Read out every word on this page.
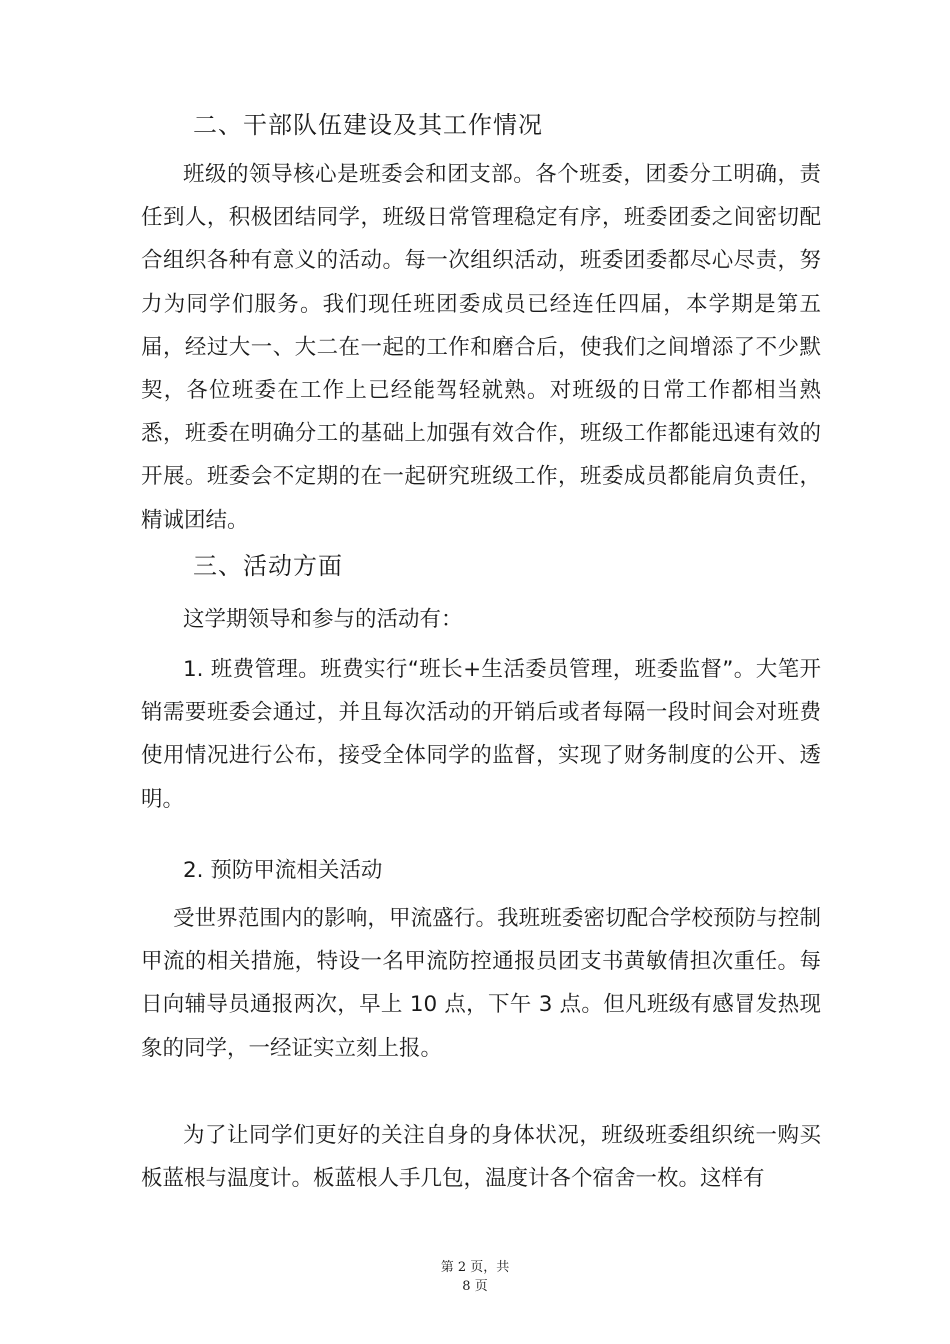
二、干部队伍建设及其工作情况

班级的领导核心是班委会和团支部。各个班委，团委分工明确，责任到人，积极团结同学，班级日常管理稳定有序，班委团委之间密切配合组织各种有意义的活动。每一次组织活动，班委团委都尽心尽责，努力为同学们服务。我们现任班团委成员已经连任四届，本学期是第五届，经过大一、大二在一起的工作和磨合后，使我们之间增添了不少默契，各位班委在工作上已经能驾轻就熟。对班级的日常工作都相当熟悉，班委在明确分工的基础上加强有效合作，班级工作都能迅速有效的开展。班委会不定期的在一起研究班级工作，班委成员都能肩负责任，精诚团结。

三、活动方面

这学期领导和参与的活动有：

1. 班费管理。班费实行“班长+生活委员管理，班委监督”。大笔开销需要班委会通过，并且每次活动的开销后或者每隔一段时间会对班费使用情况进行公布，接受全体同学的监督，实现了财务制度的公开、透明。

2. 预防甲流相关活动

受世界范围内的影响，甲流盛行。我班班委密切配合学校预防与控制甲流的相关措施，特设一名甲流防控通报员团支书黄敏倩担次重任。每日向辅导员通报两次，早上 10 点，下午 3 点。但凡班级有感冒发热现象的同学，一经证实立刻上报。

为了让同学们更好的关注自身的身体状况，班级班委组织统一购买板蓝根与温度计。板蓝根人手几包，温度计各个宿舍一枚。这样有

第 2 页，共
8 页
